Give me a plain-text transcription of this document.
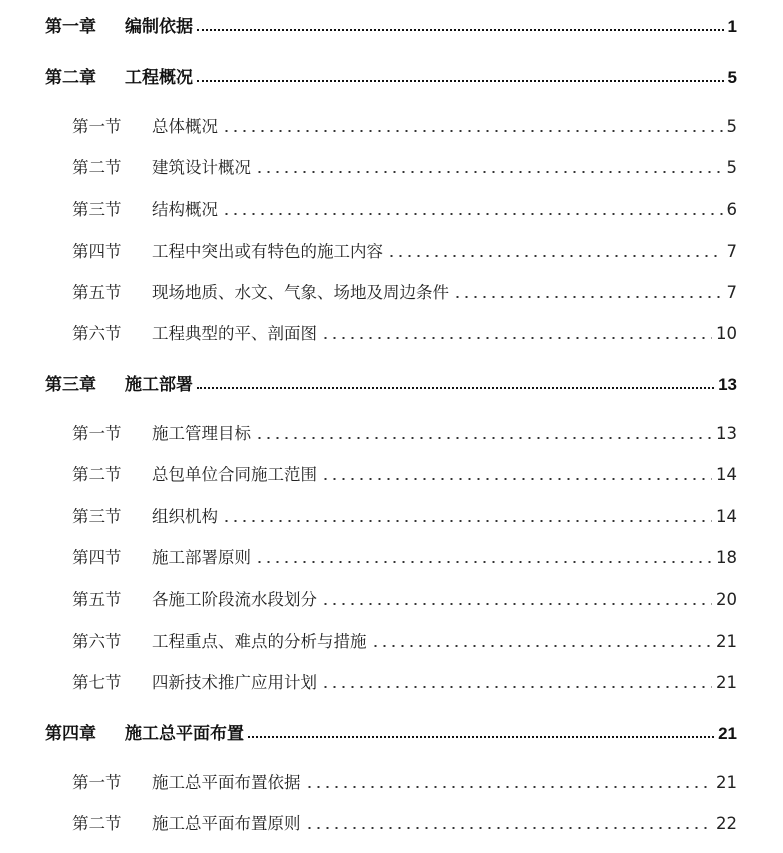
第一章	编制依据	1
第二章	工程概况	5
第一节	总体概况	5
第二节	建筑设计概况	5
第三节	结构概况	6
第四节	工程中突出或有特色的施工内容	7
第五节	现场地质、水文、气象、场地及周边条件	7
第六节	工程典型的平、剖面图	10
第三章	施工部署	13
第一节	施工管理目标	13
第二节	总包单位合同施工范围	14
第三节	组织机构	14
第四节	施工部署原则	18
第五节	各施工阶段流水段划分	20
第六节	工程重点、难点的分析与措施	21
第七节	四新技术推广应用计划	21
第四章	施工总平面布置	21
第一节	施工总平面布置依据	21
第二节	施工总平面布置原则	22
